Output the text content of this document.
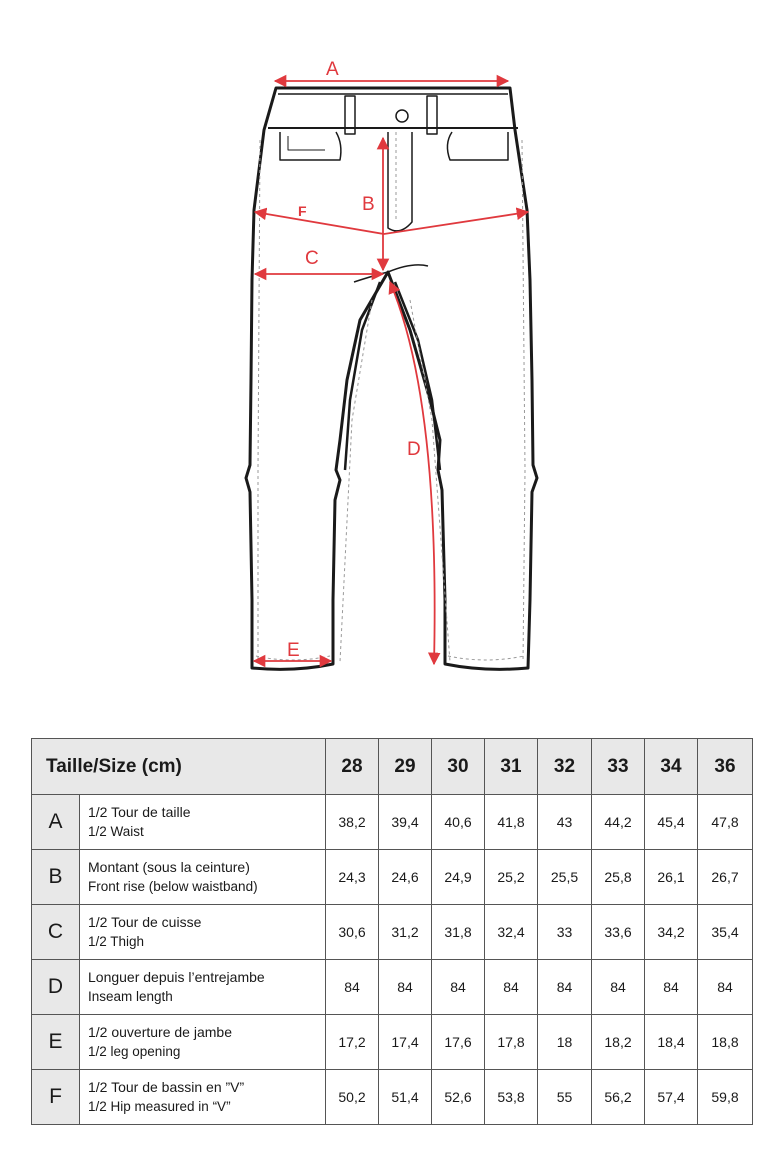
A
B
F
C
D
E
Taille/Size (cm)		28	29	30	31	32	33	34	36
A	1/2 Tour de taille
1/2 Waist	38,2	39,4	40,6	41,8	43	44,2	45,4	47,8
B	Montant (sous la ceinture)
Front rise (below waistband)	24,3	24,6	24,9	25,2	25,5	25,8	26,1	26,7
C	1/2 Tour de cuisse
1/2 Thigh	30,6	31,2	31,8	32,4	33	33,6	34,2	35,4
D	Longuer depuis l’entrejambe
Inseam length	84	84	84	84	84	84	84	84
E	1/2 ouverture de jambe
1/2 leg opening	17,2	17,4	17,6	17,8	18	18,2	18,4	18,8
F	1/2 Tour de bassin en ”V”
1/2 Hip measured in “V”	50,2	51,4	52,6	53,8	55	56,2	57,4	59,8
